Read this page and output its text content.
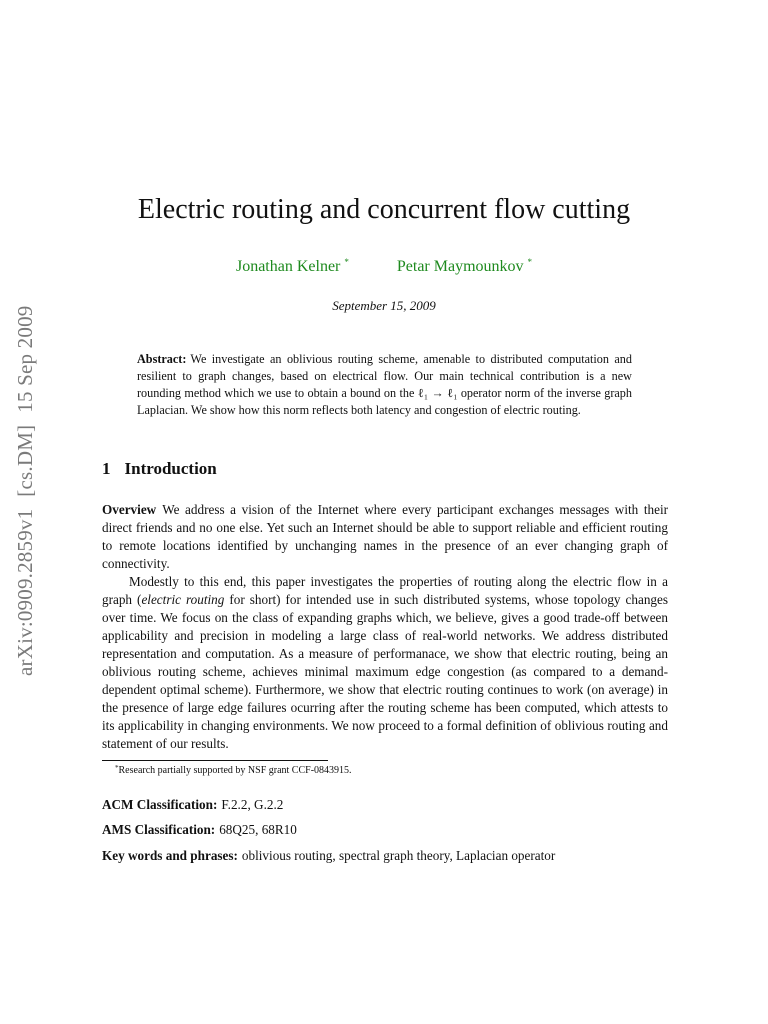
arXiv:0909.2859v1[cs.DM]15 Sep 2009
Electric routing and concurrent flow cutting
Jonathan Kelner *	Petar Maymounkov *
September 15, 2009
Abstract: We investigate an oblivious routing scheme, amenable to distributed computation and resilient to graph changes, based on electrical flow. Our main technical contribution is a new rounding method which we use to obtain a bound on the ℓ₁ → ℓ₁ operator norm of the inverse graph Laplacian. We show how this norm reflects both latency and congestion of electric routing.
1 Introduction

Overview We address a vision of the Internet where every participant exchanges messages with their direct friends and no one else. Yet such an Internet should be able to support reliable and efficient routing to remote locations identified by unchanging names in the presence of an ever changing graph of connectivity.

Modestly to this end, this paper investigates the properties of routing along the electric flow in a graph (electric routing for short) for intended use in such distributed systems, whose topology changes over time. We focus on the class of expanding graphs which, we believe, gives a good trade-off between applicability and precision in modeling a large class of real-world networks. We address distributed representation and computation. As a measure of performanace, we show that electric routing, being an oblivious routing scheme, achieves minimal maximum edge congestion (as compared to a demand-dependent optimal scheme). Furthermore, we show that electric routing continues to work (on average) in the presence of large edge failures ocurring after the routing scheme has been computed, which attests to its applicability in changing environments. We now proceed to a formal definition of oblivious routing and statement of our results.

*Research partially supported by NSF grant CCF-0843915.
ACM Classification: F.2.2, G.2.2
AMS Classification: 68Q25, 68R10
Key words and phrases: oblivious routing, spectral graph theory, Laplacian operator
